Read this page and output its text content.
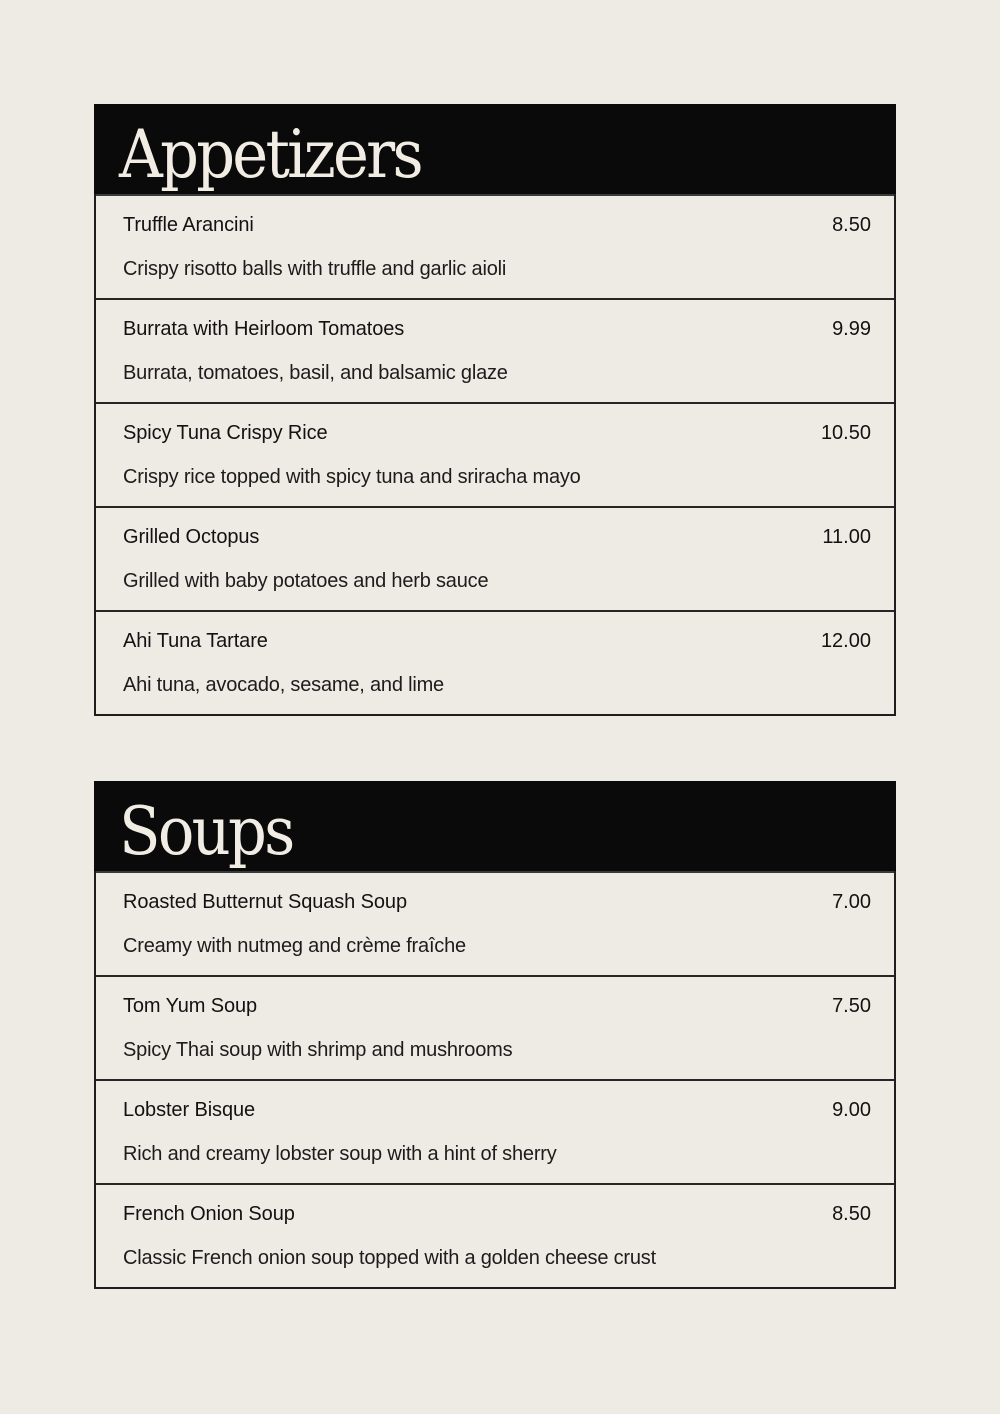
Appetizers
Truffle Arancini	8.50
Crispy risotto balls with truffle and garlic aioli
Burrata with Heirloom Tomatoes	9.99
Burrata, tomatoes, basil, and balsamic glaze
Spicy Tuna Crispy Rice	10.50
Crispy rice topped with spicy tuna and sriracha mayo
Grilled Octopus	11.00
Grilled with baby potatoes and herb sauce
Ahi Tuna Tartare	12.00
Ahi tuna, avocado, sesame, and lime
Soups
Roasted Butternut Squash Soup	7.00
Creamy with nutmeg and crème fraîche
Tom Yum Soup	7.50
Spicy Thai soup with shrimp and mushrooms
Lobster Bisque	9.00
Rich and creamy lobster soup with a hint of sherry
French Onion Soup	8.50
Classic French onion soup topped with a golden cheese crust
